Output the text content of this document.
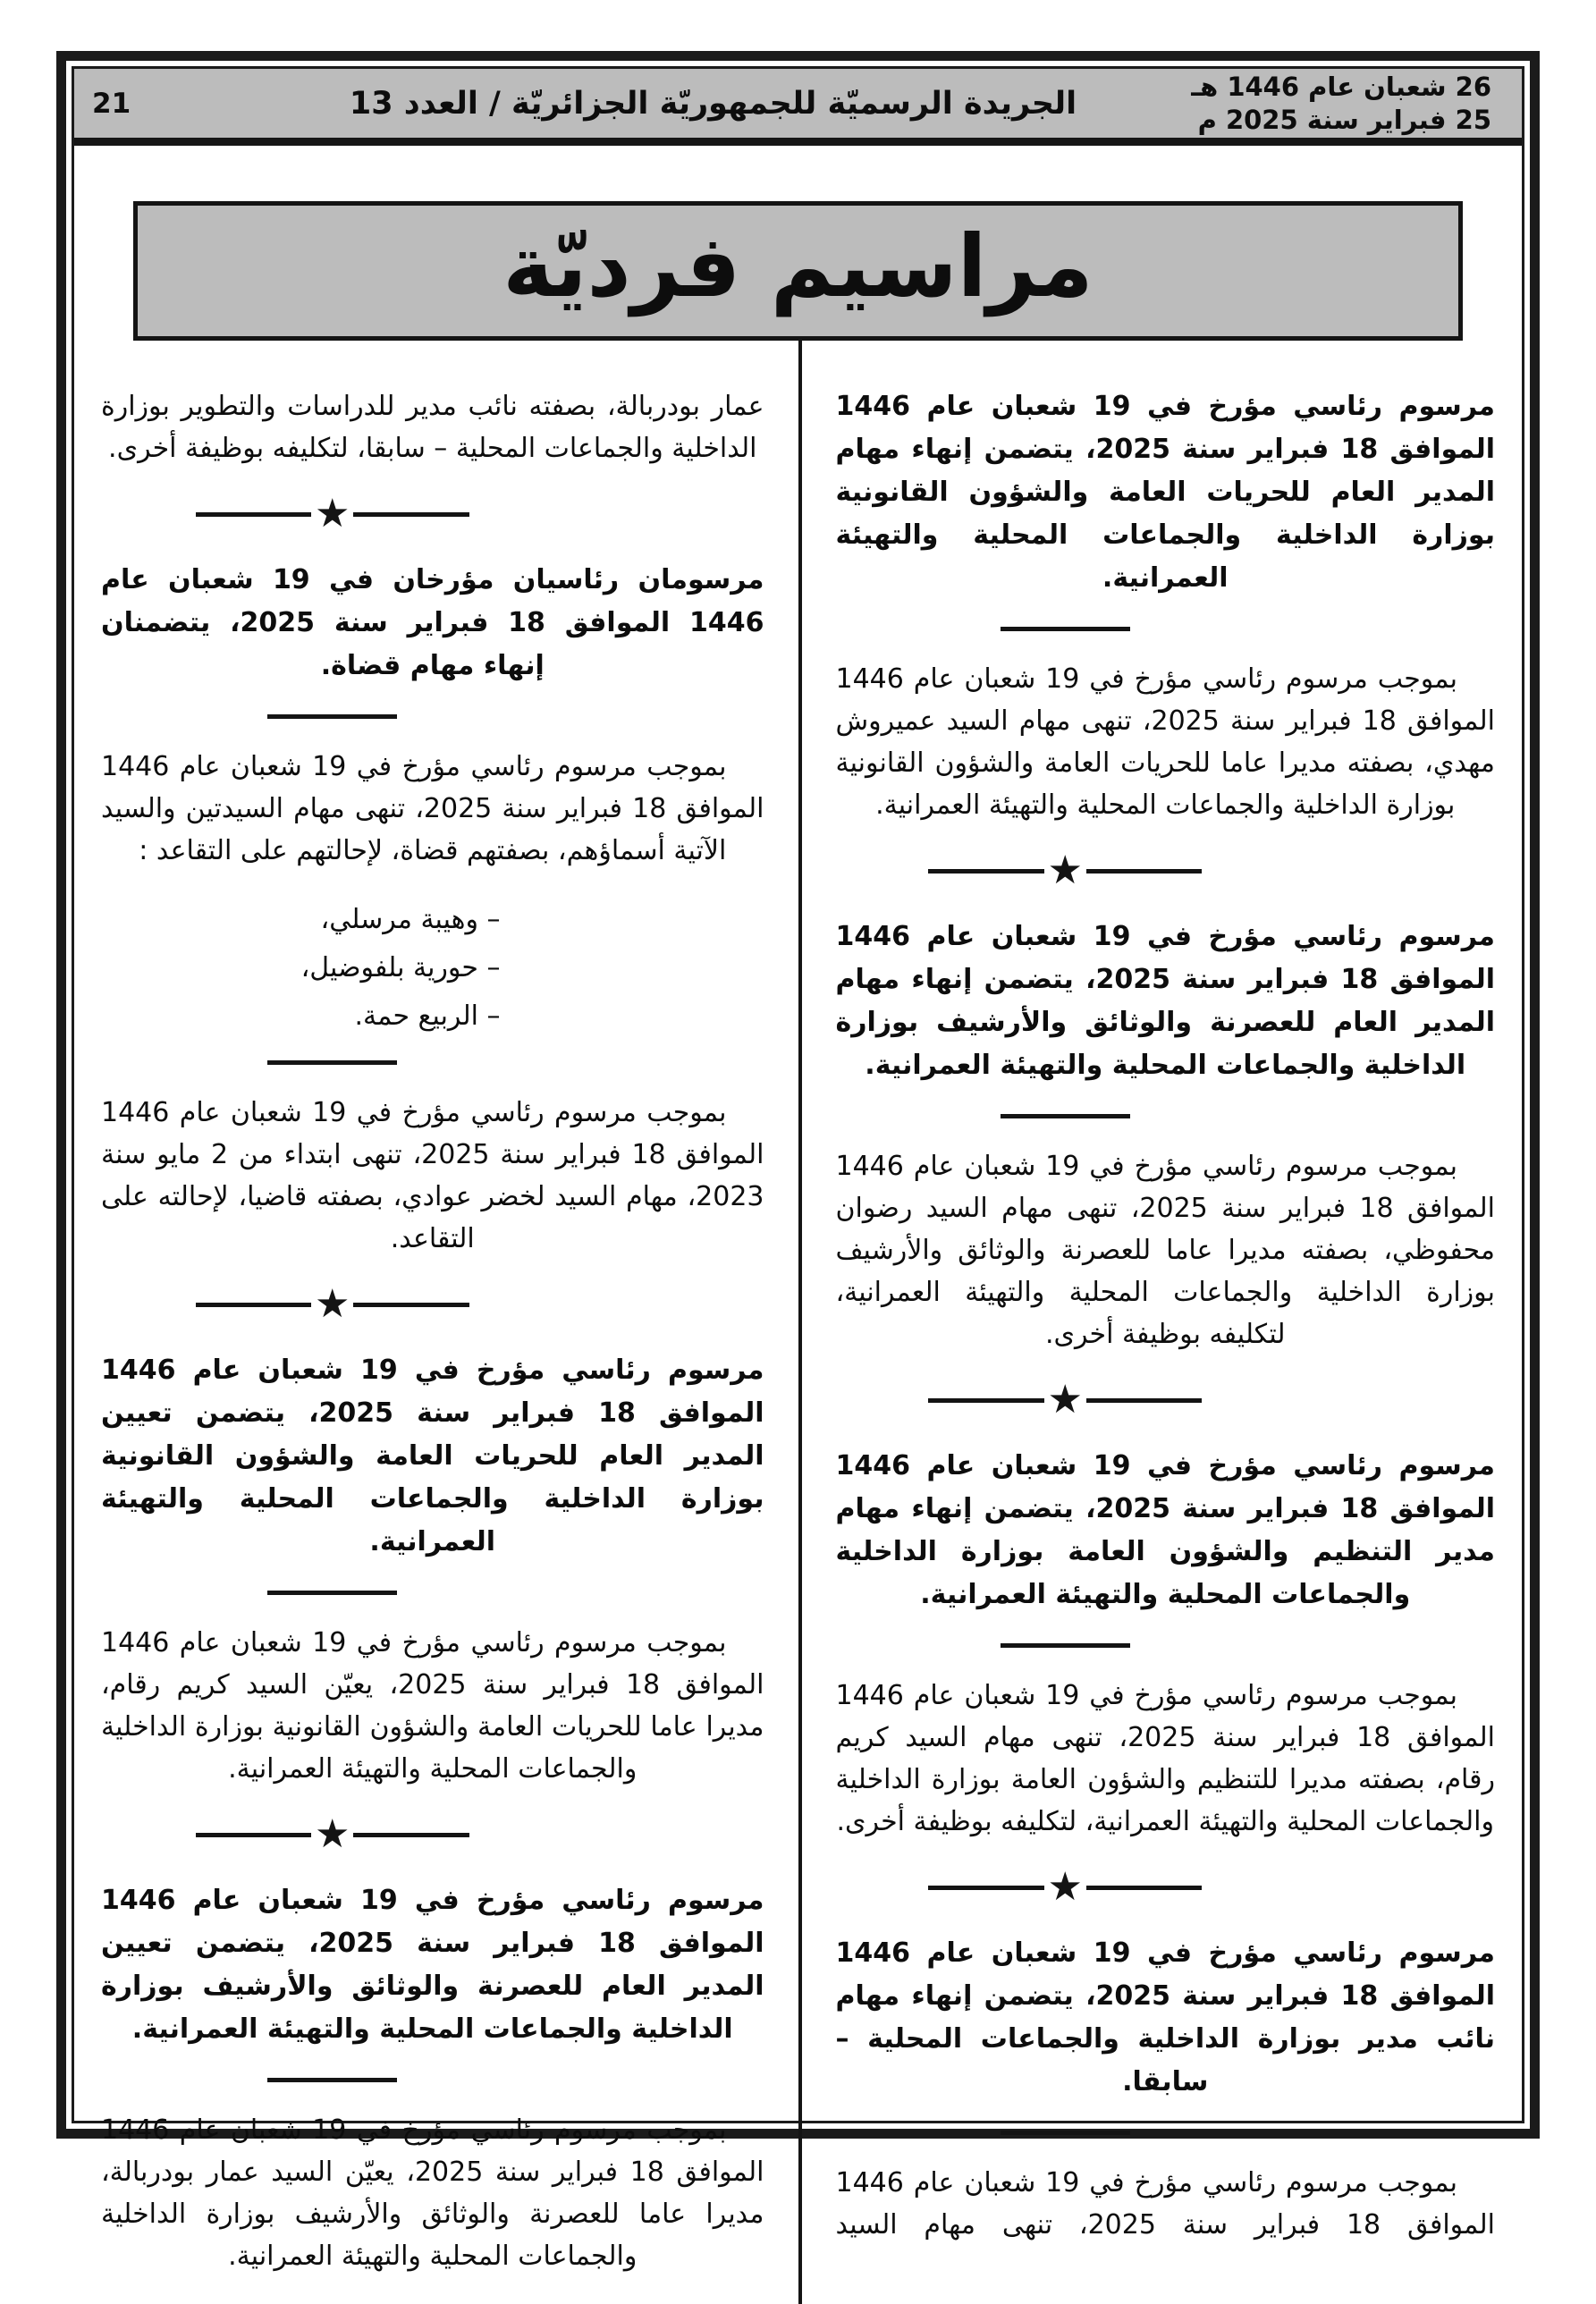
26 شعبان عام 1446 هـ
25 فبراير سنة 2025 م
الجريدة الرسميّة للجمهوريّة الجزائريّة / العدد 13
21
مراسيم فرديّة

مرسوم رئاسي مؤرخ في 19 شعبان عام 1446 الموافق 18 فبراير سنة 2025، يتضمن إنهاء مهام المدير العام للحريات العامة والشؤون القانونية بوزارة الداخلية والجماعات المحلية والتهيئة العمرانية.

بموجب مرسوم رئاسي مؤرخ في 19 شعبان عام 1446 الموافق 18 فبراير سنة 2025، تنهى مهام السيد عميروش مهدي، بصفته مديرا عاما للحريات العامة والشؤون القانونية بوزارة الداخلية والجماعات المحلية والتهيئة العمرانية.

★

مرسوم رئاسي مؤرخ في 19 شعبان عام 1446 الموافق 18 فبراير سنة 2025، يتضمن إنهاء مهام المدير العام للعصرنة والوثائق والأرشيف بوزارة الداخلية والجماعات المحلية والتهيئة العمرانية.

بموجب مرسوم رئاسي مؤرخ في 19 شعبان عام 1446 الموافق 18 فبراير سنة 2025، تنهى مهام السيد رضوان محفوظي، بصفته مديرا عاما للعصرنة والوثائق والأرشيف بوزارة الداخلية والجماعات المحلية والتهيئة العمرانية، لتكليفه بوظيفة أخرى.

★

مرسوم رئاسي مؤرخ في 19 شعبان عام 1446 الموافق 18 فبراير سنة 2025، يتضمن إنهاء مهام مدير التنظيم والشؤون العامة بوزارة الداخلية والجماعات المحلية والتهيئة العمرانية.

بموجب مرسوم رئاسي مؤرخ في 19 شعبان عام 1446 الموافق 18 فبراير سنة 2025، تنهى مهام السيد كريم رقام، بصفته مديرا للتنظيم والشؤون العامة بوزارة الداخلية والجماعات المحلية والتهيئة العمرانية، لتكليفه بوظيفة أخرى.

★

مرسوم رئاسي مؤرخ في 19 شعبان عام 1446 الموافق 18 فبراير سنة 2025، يتضمن إنهاء مهام نائب مدير بوزارة الداخلية والجماعات المحلية – سابقا.

بموجب مرسوم رئاسي مؤرخ في 19 شعبان عام 1446 الموافق 18 فبراير سنة 2025، تنهى مهام السيد

عمار بودربالة، بصفته نائب مدير للدراسات والتطوير بوزارة الداخلية والجماعات المحلية – سابقا، لتكليفه بوظيفة أخرى.

★

مرسومان رئاسيان مؤرخان في 19 شعبان عام 1446 الموافق 18 فبراير سنة 2025، يتضمنان إنهاء مهام قضاة.

بموجب مرسوم رئاسي مؤرخ في 19 شعبان عام 1446 الموافق 18 فبراير سنة 2025، تنهى مهام السيدتين والسيد الآتية أسماؤهم، بصفتهم قضاة، لإحالتهم على التقاعد :

– وهيبة مرسلي،
– حورية بلفوضيل،
– الربيع حمة.

بموجب مرسوم رئاسي مؤرخ في 19 شعبان عام 1446 الموافق 18 فبراير سنة 2025، تنهى ابتداء من 2 مايو سنة 2023، مهام السيد لخضر عوادي، بصفته قاضيا، لإحالته على التقاعد.

★

مرسوم رئاسي مؤرخ في 19 شعبان عام 1446 الموافق 18 فبراير سنة 2025، يتضمن تعيين المدير العام للحريات العامة والشؤون القانونية بوزارة الداخلية والجماعات المحلية والتهيئة العمرانية.

بموجب مرسوم رئاسي مؤرخ في 19 شعبان عام 1446 الموافق 18 فبراير سنة 2025، يعيّن السيد كريم رقام، مديرا عاما للحريات العامة والشؤون القانونية بوزارة الداخلية والجماعات المحلية والتهيئة العمرانية.

★

مرسوم رئاسي مؤرخ في 19 شعبان عام 1446 الموافق 18 فبراير سنة 2025، يتضمن تعيين المدير العام للعصرنة والوثائق والأرشيف بوزارة الداخلية والجماعات المحلية والتهيئة العمرانية.

بموجب مرسوم رئاسي مؤرخ في 19 شعبان عام 1446 الموافق 18 فبراير سنة 2025، يعيّن السيد عمار بودربالة، مديرا عاما للعصرنة والوثائق والأرشيف بوزارة الداخلية والجماعات المحلية والتهيئة العمرانية.
